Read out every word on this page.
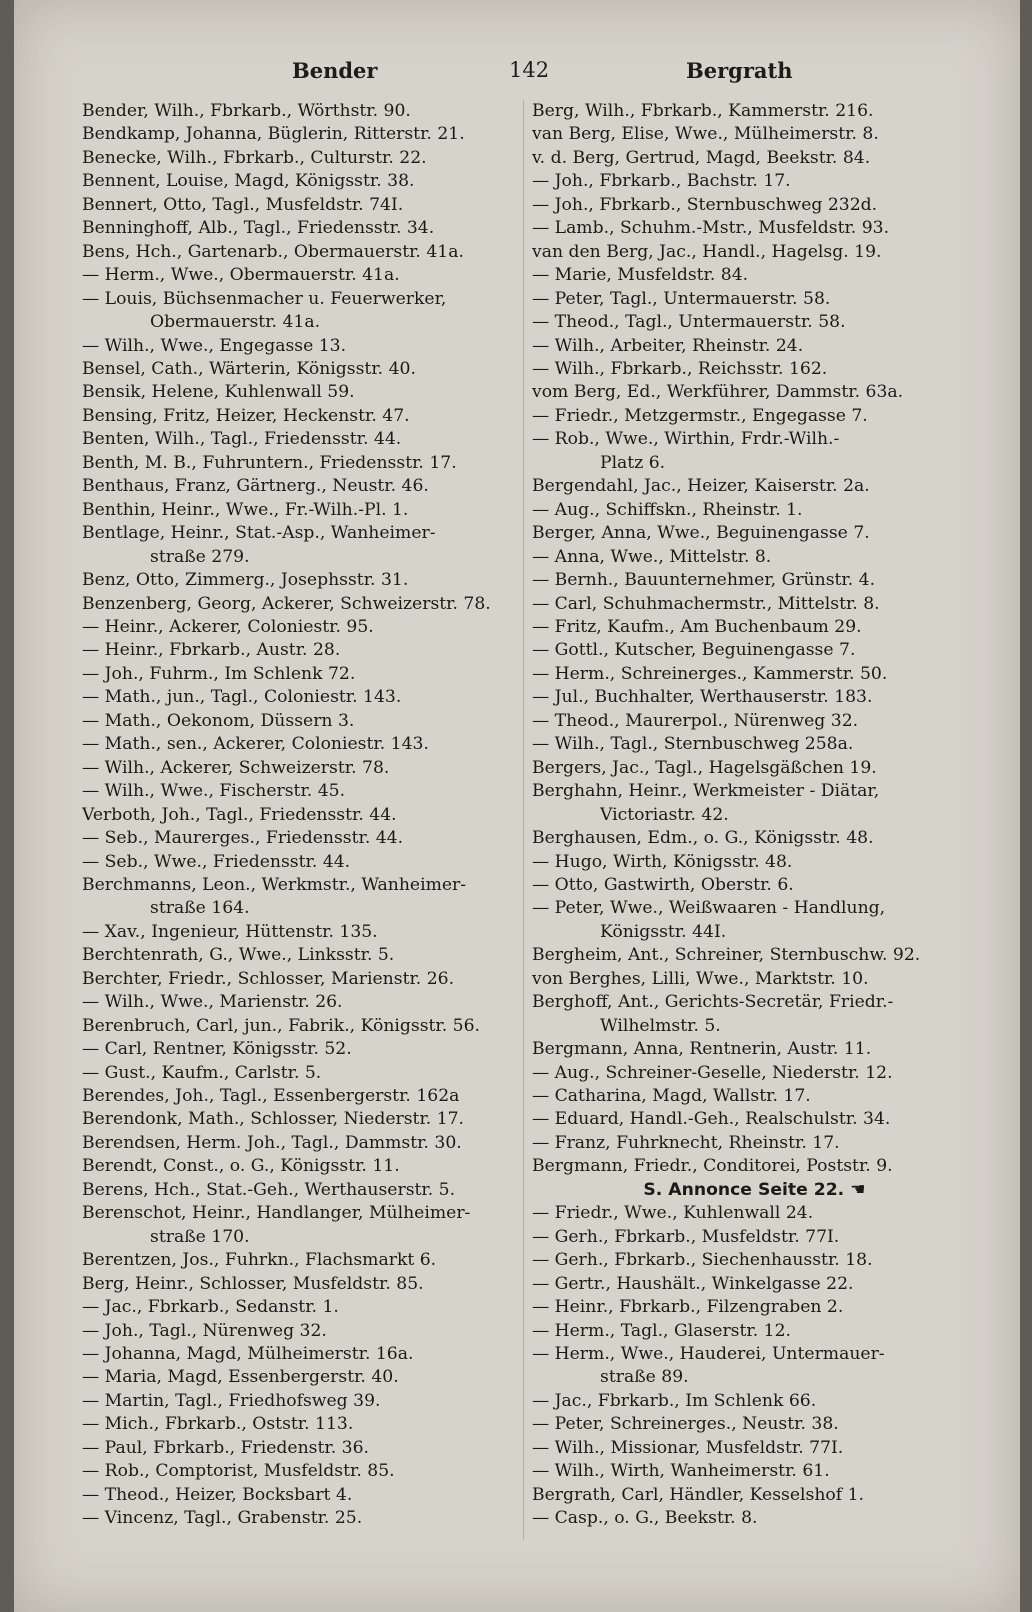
Bender	142	Bergrath
Bender, Wilh., Fbrkarb., Wörthstr. 90.
Bendkamp, Johanna, Büglerin, Ritterstr. 21.
Benecke, Wilh., Fbrkarb., Culturstr. 22.
Bennent, Louise, Magd, Königsstr. 38.
Bennert, Otto, Tagl., Musfeldstr. 74I.
Benninghoff, Alb., Tagl., Friedensstr. 34.
Bens, Hch., Gartenarb., Obermauerstr. 41a.
— Herm., Wwe., Obermauerstr. 41a.
— Louis, Büchsenmacher u. Feuerwerker,
Obermauerstr. 41a.
— Wilh., Wwe., Engegasse 13.
Bensel, Cath., Wärterin, Königsstr. 40.
Bensik, Helene, Kuhlenwall 59.
Bensing, Fritz, Heizer, Heckenstr. 47.
Benten, Wilh., Tagl., Friedensstr. 44.
Benth, M. B., Fuhruntern., Friedensstr. 17.
Benthaus, Franz, Gärtnerg., Neustr. 46.
Benthin, Heinr., Wwe., Fr.-Wilh.-Pl. 1.
Bentlage, Heinr., Stat.-Asp., Wanheimer-
straße 279.
Benz, Otto, Zimmerg., Josephsstr. 31.
Benzenberg, Georg, Ackerer, Schweizerstr. 78.
— Heinr., Ackerer, Coloniestr. 95.
— Heinr., Fbrkarb., Austr. 28.
— Joh., Fuhrm., Im Schlenk 72.
— Math., jun., Tagl., Coloniestr. 143.
— Math., Oekonom, Düssern 3.
— Math., sen., Ackerer, Coloniestr. 143.
— Wilh., Ackerer, Schweizerstr. 78.
— Wilh., Wwe., Fischerstr. 45.
Verboth, Joh., Tagl., Friedensstr. 44.
— Seb., Maurerges., Friedensstr. 44.
— Seb., Wwe., Friedensstr. 44.
Berchmanns, Leon., Werkmstr., Wanheimer-
straße 164.
— Xav., Ingenieur, Hüttenstr. 135.
Berchtenrath, G., Wwe., Linksstr. 5.
Berchter, Friedr., Schlosser, Marienstr. 26.
— Wilh., Wwe., Marienstr. 26.
Berenbruch, Carl, jun., Fabrik., Königsstr. 56.
— Carl, Rentner, Königsstr. 52.
— Gust., Kaufm., Carlstr. 5.
Berendes, Joh., Tagl., Essenbergerstr. 162a
Berendonk, Math., Schlosser, Niederstr. 17.
Berendsen, Herm. Joh., Tagl., Dammstr. 30.
Berendt, Const., o. G., Königsstr. 11.
Berens, Hch., Stat.-Geh., Werthauserstr. 5.
Berenschot, Heinr., Handlanger, Mülheimer-
straße 170.
Berentzen, Jos., Fuhrkn., Flachsmarkt 6.
Berg, Heinr., Schlosser, Musfeldstr. 85.
— Jac., Fbrkarb., Sedanstr. 1.
— Joh., Tagl., Nürenweg 32.
— Johanna, Magd, Mülheimerstr. 16a.
— Maria, Magd, Essenbergerstr. 40.
— Martin, Tagl., Friedhofsweg 39.
— Mich., Fbrkarb., Oststr. 113.
— Paul, Fbrkarb., Friedenstr. 36.
— Rob., Comptorist, Musfeldstr. 85.
— Theod., Heizer, Bocksbart 4.
— Vincenz, Tagl., Grabenstr. 25.
Berg, Wilh., Fbrkarb., Kammerstr. 216.
van Berg, Elise, Wwe., Mülheimerstr. 8.
v. d. Berg, Gertrud, Magd, Beekstr. 84.
— Joh., Fbrkarb., Bachstr. 17.
— Joh., Fbrkarb., Sternbuschweg 232d.
— Lamb., Schuhm.-Mstr., Musfeldstr. 93.
van den Berg, Jac., Handl., Hagelsg. 19.
— Marie, Musfeldstr. 84.
— Peter, Tagl., Untermauerstr. 58.
— Theod., Tagl., Untermauerstr. 58.
— Wilh., Arbeiter, Rheinstr. 24.
— Wilh., Fbrkarb., Reichsstr. 162.
vom Berg, Ed., Werkführer, Dammstr. 63a.
— Friedr., Metzgermstr., Engegasse 7.
— Rob., Wwe., Wirthin, Frdr.-Wilh.-
Platz 6.
Bergendahl, Jac., Heizer, Kaiserstr. 2a.
— Aug., Schiffskn., Rheinstr. 1.
Berger, Anna, Wwe., Beguinengasse 7.
— Anna, Wwe., Mittelstr. 8.
— Bernh., Bauunternehmer, Grünstr. 4.
— Carl, Schuhmachermstr., Mittelstr. 8.
— Fritz, Kaufm., Am Buchenbaum 29.
— Gottl., Kutscher, Beguinengasse 7.
— Herm., Schreinerges., Kammerstr. 50.
— Jul., Buchhalter, Werthauserstr. 183.
— Theod., Maurerpol., Nürenweg 32.
— Wilh., Tagl., Sternbuschweg 258a.
Bergers, Jac., Tagl., Hagelsgäßchen 19.
Berghahn, Heinr., Werkmeister - Diätar,
Victoriastr. 42.
Berghausen, Edm., o. G., Königsstr. 48.
— Hugo, Wirth, Königsstr. 48.
— Otto, Gastwirth, Oberstr. 6.
— Peter, Wwe., Weißwaaren - Handlung,
Königsstr. 44I.
Bergheim, Ant., Schreiner, Sternbuschw. 92.
von Berghes, Lilli, Wwe., Marktstr. 10.
Berghoff, Ant., Gerichts-Secretär, Friedr.-
Wilhelmstr. 5.
Bergmann, Anna, Rentnerin, Austr. 11.
— Aug., Schreiner-Geselle, Niederstr. 12.
— Catharina, Magd, Wallstr. 17.
— Eduard, Handl.-Geh., Realschulstr. 34.
— Franz, Fuhrknecht, Rheinstr. 17.
Bergmann, Friedr., Conditorei, Poststr. 9.
S. Annonce Seite 22. ☚
— Friedr., Wwe., Kuhlenwall 24.
— Gerh., Fbrkarb., Musfeldstr. 77I.
— Gerh., Fbrkarb., Siechenhausstr. 18.
— Gertr., Haushält., Winkelgasse 22.
— Heinr., Fbrkarb., Filzengraben 2.
— Herm., Tagl., Glaserstr. 12.
— Herm., Wwe., Hauderei, Untermauer-
straße 89.
— Jac., Fbrkarb., Im Schlenk 66.
— Peter, Schreinerges., Neustr. 38.
— Wilh., Missionar, Musfeldstr. 77I.
— Wilh., Wirth, Wanheimerstr. 61.
Bergrath, Carl, Händler, Kesselshof 1.
— Casp., o. G., Beekstr. 8.
